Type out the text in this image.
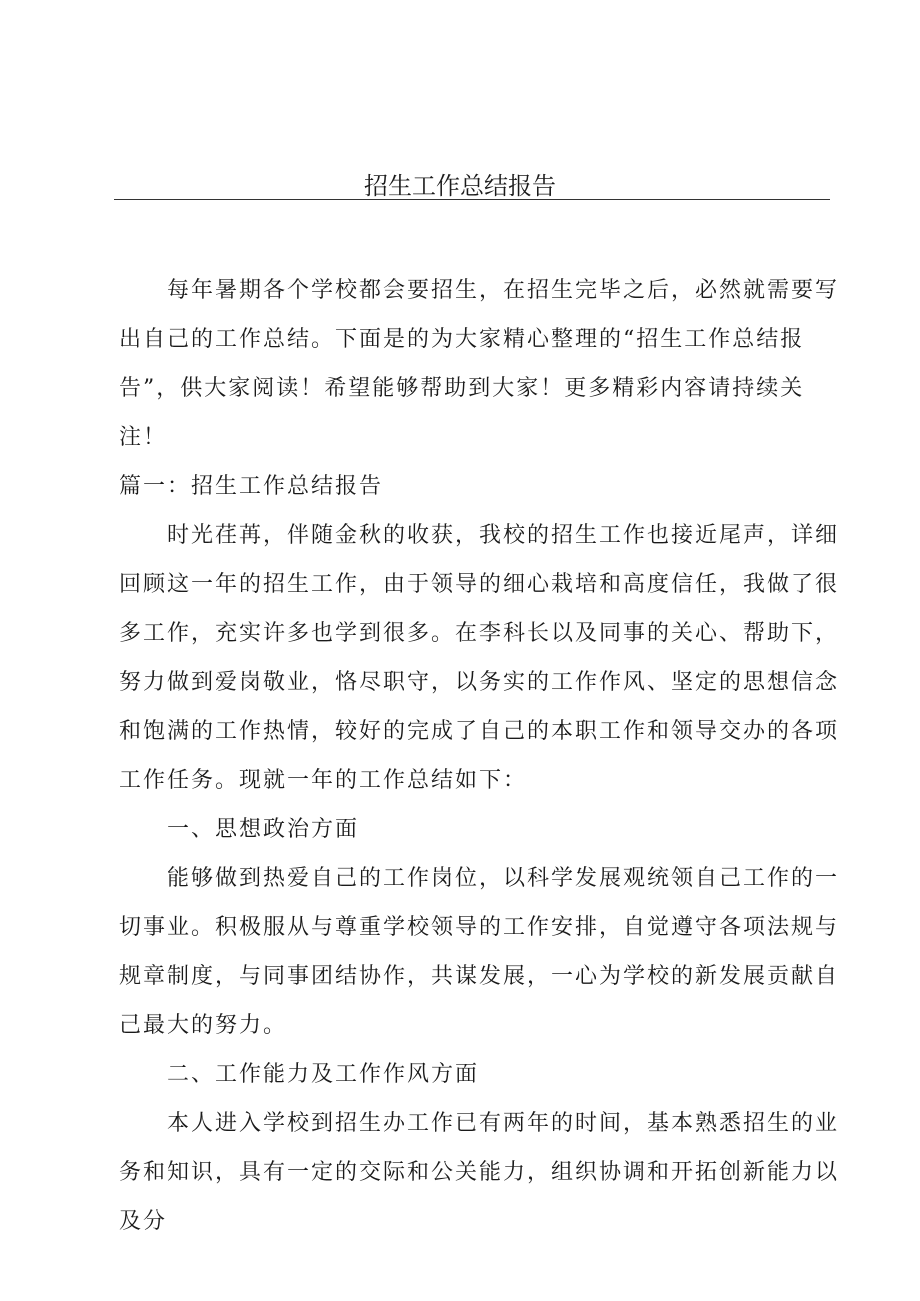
招生工作总结报告

每年暑期各个学校都会要招生，在招生完毕之后，必然就需要写出自己的工作总结。下面是的为大家精心整理的“招生工作总结报告”，供大家阅读！希望能够帮助到大家！更多精彩内容请持续关注！

篇一：招生工作总结报告

时光荏苒，伴随金秋的收获，我校的招生工作也接近尾声，详细回顾这一年的招生工作，由于领导的细心栽培和高度信任，我做了很多工作，充实许多也学到很多。在李科长以及同事的关心、帮助下，努力做到爱岗敬业，恪尽职守，以务实的工作作风、坚定的思想信念和饱满的工作热情，较好的完成了自己的本职工作和领导交办的各项工作任务。现就一年的工作总结如下：

一、思想政治方面

能够做到热爱自己的工作岗位，以科学发展观统领自己工作的一切事业。积极服从与尊重学校领导的工作安排，自觉遵守各项法规与规章制度，与同事团结协作，共谋发展，一心为学校的新发展贡献自己最大的努力。

二、工作能力及工作作风方面

本人进入学校到招生办工作已有两年的时间，基本熟悉招生的业务和知识，具有一定的交际和公关能力，组织协调和开拓创新能力以及分
